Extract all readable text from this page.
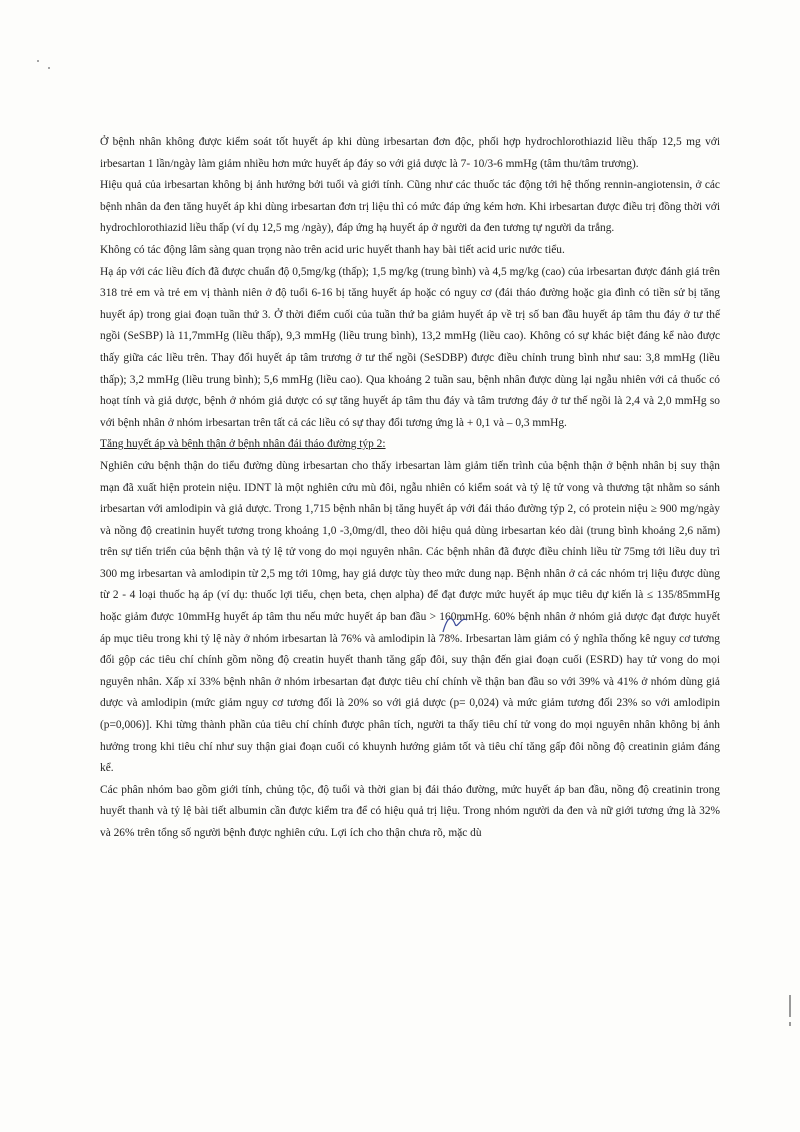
Ở bệnh nhân không được kiểm soát tốt huyết áp khi dùng irbesartan đơn độc, phối hợp hydrochlorothiazid liều thấp 12,5 mg với irbesartan 1 lần/ngày làm giảm nhiều hơn mức huyết áp đáy so với giả dược là 7- 10/3-6 mmHg (tâm thu/tâm trương).

Hiệu quả của irbesartan không bị ảnh hưởng bởi tuổi và giới tính. Cũng như các thuốc tác động tới hệ thống rennin-angiotensin, ở các bệnh nhân da đen tăng huyết áp khi dùng irbesartan đơn trị liệu thì có mức đáp ứng kém hơn. Khi irbesartan được điều trị đồng thời với hydrochlorothiazid liều thấp (ví dụ 12,5 mg /ngày), đáp ứng hạ huyết áp ở người da đen tương tự người da trắng.

Không có tác động lâm sàng quan trọng nào trên acid uric huyết thanh hay bài tiết acid uric nước tiểu.

Hạ áp với các liều đích đã được chuẩn độ 0,5mg/kg (thấp); 1,5 mg/kg (trung bình) và 4,5 mg/kg (cao) của irbesartan được đánh giá trên 318 trẻ em và trẻ em vị thành niên ở độ tuổi 6-16 bị tăng huyết áp hoặc có nguy cơ (đái tháo đường hoặc gia đình có tiền sử bị tăng huyết áp) trong giai đoạn tuần thứ 3. Ở thời điểm cuối của tuần thứ ba giảm huyết áp về trị số ban đầu huyết áp tâm thu đáy ở tư thế ngồi (SeSBP) là 11,7mmHg (liều thấp), 9,3 mmHg (liều trung bình), 13,2 mmHg (liều cao). Không có sự khác biệt đáng kể nào được thấy giữa các liều trên. Thay đổi huyết áp tâm trương ở tư thế ngồi (SeSDBP) được điều chỉnh trung bình như sau: 3,8 mmHg (liều thấp); 3,2 mmHg (liều trung bình); 5,6 mmHg (liều cao). Qua khoảng 2 tuần sau, bệnh nhân được dùng lại ngẫu nhiên với cả thuốc có hoạt tính và giả dược, bệnh ở nhóm giả dược có sự tăng huyết áp tâm thu đáy và tâm trương đáy ở tư thế ngồi là 2,4 và 2,0 mmHg so với bệnh nhân ở nhóm irbesartan trên tất cả các liều có sự thay đổi tương ứng là + 0,1 và – 0,3 mmHg.

Tăng huyết áp và bệnh thận ở bệnh nhân đái tháo đường týp 2:

Nghiên cứu bệnh thận do tiểu đường dùng irbesartan cho thấy irbesartan làm giảm tiến trình của bệnh thận ở bệnh nhân bị suy thận mạn đã xuất hiện protein niệu. IDNT là một nghiên cứu mù đôi, ngẫu nhiên có kiểm soát và tỷ lệ tử vong và thương tật nhằm so sánh irbesartan với amlodipin và giả dược. Trong 1,715 bệnh nhân bị tăng huyết áp với đái tháo đường týp 2, có protein niệu ≥ 900 mg/ngày và nồng độ creatinin huyết tương trong khoảng 1,0 -3,0mg/dl, theo dõi hiệu quả dùng irbesartan kéo dài (trung bình khoảng 2,6 năm) trên sự tiến triển của bệnh thận và tỷ lệ tử vong do mọi nguyên nhân. Các bệnh nhân đã được điều chỉnh liều từ 75mg tới liều duy trì 300 mg irbesartan và amlodipin từ 2,5 mg tới 10mg, hay giả dược tùy theo mức dung nạp. Bệnh nhân ở cả các nhóm trị liệu được dùng từ 2 - 4 loại thuốc hạ áp (ví dụ: thuốc lợi tiểu, chẹn beta, chẹn alpha) để đạt được mức huyết áp mục tiêu dự kiến là ≤ 135/85mmHg hoặc giảm được 10mmHg huyết áp tâm thu nếu mức huyết áp ban đầu > 160mmHg. 60% bệnh nhân ở nhóm giả dược đạt được huyết áp mục tiêu trong khi tỷ lệ này ở nhóm irbesartan là 76% và amlodipin là 78%. Irbesartan làm giảm có ý nghĩa thống kê nguy cơ tương đối gộp các tiêu chí chính gồm nồng độ creatin huyết thanh tăng gấp đôi, suy thận đến giai đoạn cuối (ESRD) hay tử vong do mọi nguyên nhân. Xấp xỉ 33% bệnh nhân ở nhóm irbesartan đạt được tiêu chí chính về thận ban đầu so với 39% và 41% ở nhóm dùng giả dược và amlodipin (mức giảm nguy cơ tương đối là 20% so với giả dược (p= 0,024) và mức giảm tương đối 23% so với amlodipin (p=0,006)]. Khi từng thành phần của tiêu chí chính được phân tích, người ta thấy tiêu chí tử vong do mọi nguyên nhân không bị ảnh hưởng trong khi tiêu chí như suy thận giai đoạn cuối có khuynh hướng giảm tốt và tiêu chí tăng gấp đôi nồng độ creatinin giảm đáng kể.

Các phân nhóm bao gồm giới tính, chủng tộc, độ tuổi và thời gian bị đái tháo đường, mức huyết áp ban đầu, nồng độ creatinin trong huyết thanh và tỷ lệ bài tiết albumin cần được kiểm tra để có hiệu quả trị liệu. Trong nhóm người da đen và nữ giới tương ứng là 32% và 26% trên tổng số người bệnh được nghiên cứu. Lợi ích cho thận chưa rõ, mặc dù
